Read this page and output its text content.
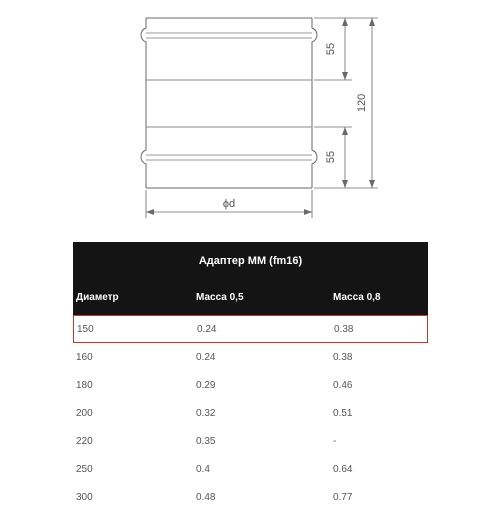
55
55
120
ϕd
Адаптер ММ (fm16)
Диаметр	Масса 0,5	Масса 0,8
150	0.24	0.38
160	0.24	0.38
180	0.29	0.46
200	0.32	0.51
220	0.35	-
250	0.4	0.64
300	0.48	0.77
